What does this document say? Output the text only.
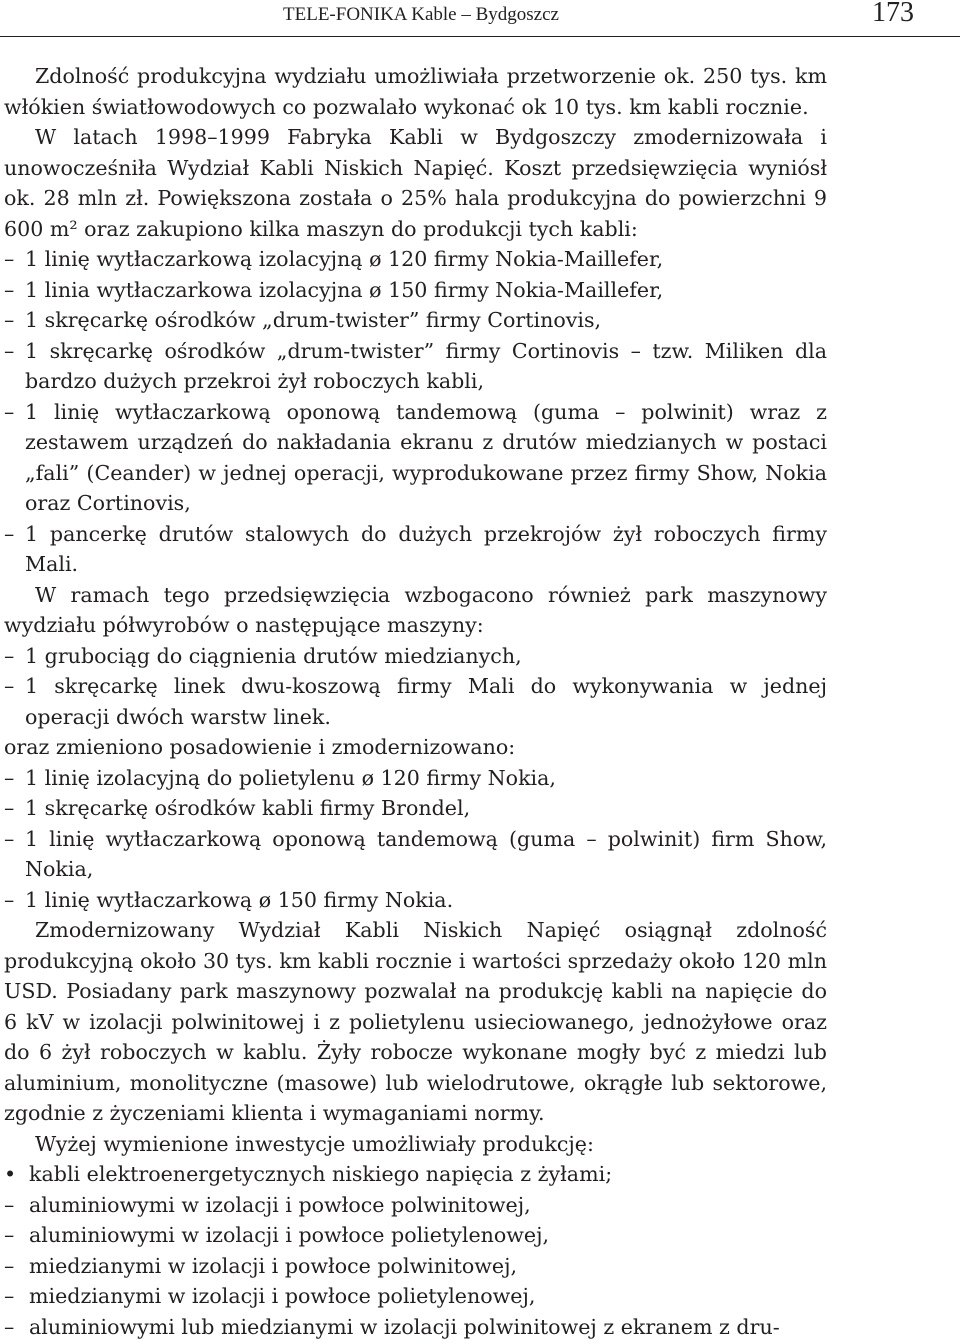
TELE-FONIKA Kable – Bydgoszcz	173

Zdolność produkcyjna wydziału umożliwiała przetworzenie ok. 250 tys. km włókien światłowodowych co pozwalało wykonać ok 10 tys. km kabli rocznie.

W latach 1998–1999 Fabryka Kabli w Bydgoszczy zmodernizowała i unowocześniła Wydział Kabli Niskich Napięć. Koszt przedsięwzięcia wyniósł ok. 28 mln zł. Powiększona została o 25% hala produkcyjna do powierzchni 9 600 m² oraz zakupiono kilka maszyn do produkcji tych kabli:

– 1 linię wytłaczarkową izolacyjną ø 120 firmy Nokia-Maillefer,

– 1 linia wytłaczarkowa izolacyjna ø 150 firmy Nokia-Maillefer,

– 1 skręcarkę ośrodków „drum-twister” firmy Cortinovis,

– 1 skręcarkę ośrodków „drum-twister” firmy Cortinovis – tzw. Miliken dla bardzo dużych przekroi żył roboczych kabli,

– 1 linię wytłaczarkową oponową tandemową (guma – polwinit) wraz z zestawem urządzeń do nakładania ekranu z drutów miedzianych w postaci „fali” (Ceander) w jednej operacji, wyprodukowane przez firmy Show, Nokia oraz Cortinovis,

– 1 pancerkę drutów stalowych do dużych przekrojów żył roboczych firmy Mali.

W ramach tego przedsięwzięcia wzbogacono również park maszynowy wydziału półwyrobów o następujące maszyny:

– 1 grubociąg do ciągnienia drutów miedzianych,

– 1 skręcarkę linek dwu-koszową firmy Mali do wykonywania w jednej operacji dwóch warstw linek.

oraz zmieniono posadowienie i zmodernizowano:

– 1 linię izolacyjną do polietylenu ø 120 firmy Nokia,

– 1 skręcarkę ośrodków kabli firmy Brondel,

– 1 linię wytłaczarkową oponową tandemową (guma – polwinit) firm Show, Nokia,

– 1 linię wytłaczarkową ø 150 firmy Nokia.

Zmodernizowany Wydział Kabli Niskich Napięć osiągnął zdolność produkcyjną około 30 tys. km kabli rocznie i wartości sprzedaży około 120 mln USD. Posiadany park maszynowy pozwalał na produkcję kabli na napięcie do 6 kV w izolacji polwinitowej i z polietylenu usieciowanego, jednożyłowe oraz do 6 żył roboczych w kablu. Żyły robocze wykonane mogły być z miedzi lub aluminium, monolityczne (masowe) lub wielodrutowe, okrągłe lub sektorowe, zgodnie z życzeniami klienta i wymaganiami normy.

Wyżej wymienione inwestycje umożliwiały produkcję:

• kabli elektroenergetycznych niskiego napięcia z żyłami;

– aluminiowymi w izolacji i powłoce polwinitowej,

– aluminiowymi w izolacji i powłoce polietylenowej,

– miedzianymi w izolacji i powłoce polwinitowej,

– miedzianymi w izolacji i powłoce polietylenowej,

– aluminiowymi lub miedzianymi w izolacji polwinitowej z ekranem z dru-
